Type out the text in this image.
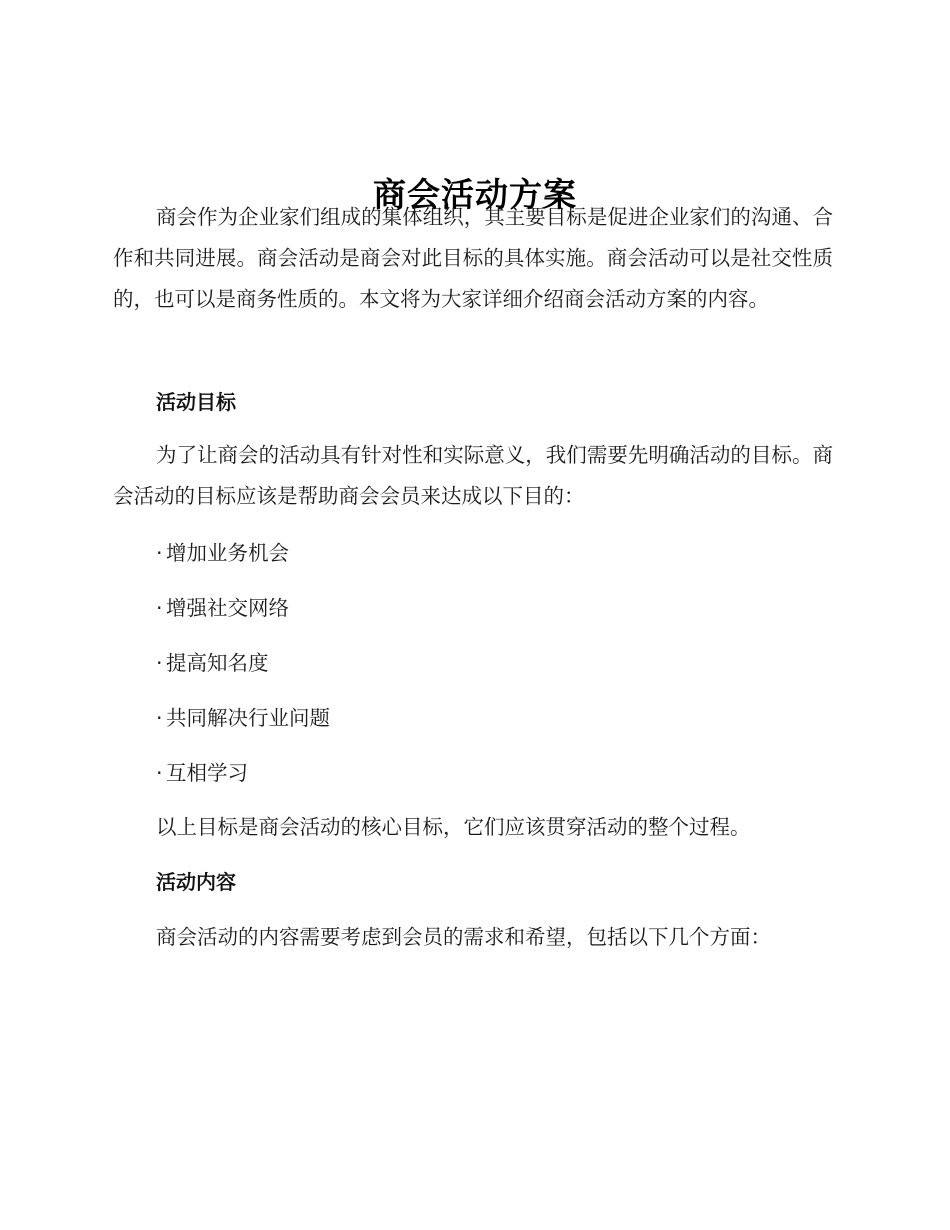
商会活动方案

商会作为企业家们组成的集体组织，其主要目标是促进企业家们的沟通、合作和共同进展。商会活动是商会对此目标的具体实施。商会活动可以是社交性质的，也可以是商务性质的。本文将为大家详细介绍商会活动方案的内容。

活动目标

为了让商会的活动具有针对性和实际意义，我们需要先明确活动的目标。商会活动的目标应该是帮助商会会员来达成以下目的：

· 增加业务机会

· 增强社交网络

· 提高知名度

· 共同解决行业问题

· 互相学习

以上目标是商会活动的核心目标，它们应该贯穿活动的整个过程。

活动内容

商会活动的内容需要考虑到会员的需求和希望，包括以下几个方面：
